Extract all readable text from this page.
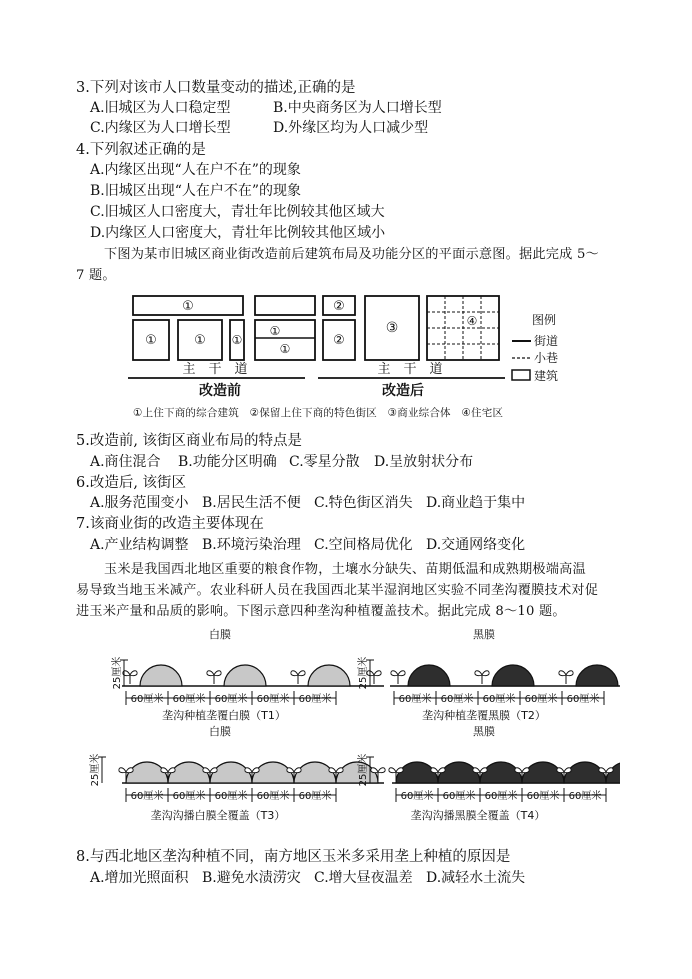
3.下列对该市人口数量变动的描述,正确的是
A.旧城区为人口稳定型	B.中央商务区为人口增长型
C.内缘区为人口增长型	D.外缘区均为人口减少型
4.下列叙述正确的是
A.内缘区出现“人在户不在”的现象
B.旧城区出现“人在户不在”的现象
C.旧城区人口密度大，青壮年比例较其他区域大
D.内缘区人口密度大，青壮年比例较其他区域小
下图为某市旧城区商业街改造前后建筑布局及功能分区的平面示意图。据此完成 5～
7 题。
①
①	① ①
①
①
主　干　道
改造前
②
②
③	④
主　干　道
改造后
图例
街道
小巷
建筑
①上住下商的综合建筑　②保留上住下商的特色街区　③商业综合体　④住宅区
5.改造前, 该街区商业布局的特点是
A.商住混合 B.功能分区明确 C.零星分散 D.呈放射状分布
6.改造后, 该街区
A.服务范围变小 B.居民生活不便 C.特色街区消失 D.商业趋于集中
7.该商业街的改造主要体现在
A.产业结构调整 B.环境污染治理 C.空间格局优化 D.交通网络变化
玉米是我国西北地区重要的粮食作物，土壤水分缺失、苗期低温和成熟期极端高温
易导致当地玉米减产。农业科研人员在我国西北某半湿润地区实验不同垄沟覆膜技术对促
进玉米产量和品质的影响。下图示意四种垄沟种植覆盖技术。据此完成 8～10 题。
60厘米 60厘米 60厘米 60厘米 60厘米
25厘米
60厘米 60厘米 60厘米 60厘米 60厘米
25厘米
60厘米 60厘米 60厘米 60厘米 60厘米
25厘米
60厘米 60厘米 60厘米 60厘米 60厘米
25厘米
白膜	黑膜
白膜	黑膜
垄沟种植垄覆白膜（T1）	垄沟种植垄覆黑膜（T2）
垄沟沟播白膜全覆盖（T3）	垄沟沟播黑膜全覆盖（T4）
8.与西北地区垄沟种植不同，南方地区玉米多采用垄上种植的原因是
A.增加光照面积 B.避免水渍涝灾 C.增大昼夜温差 D.减轻水土流失
